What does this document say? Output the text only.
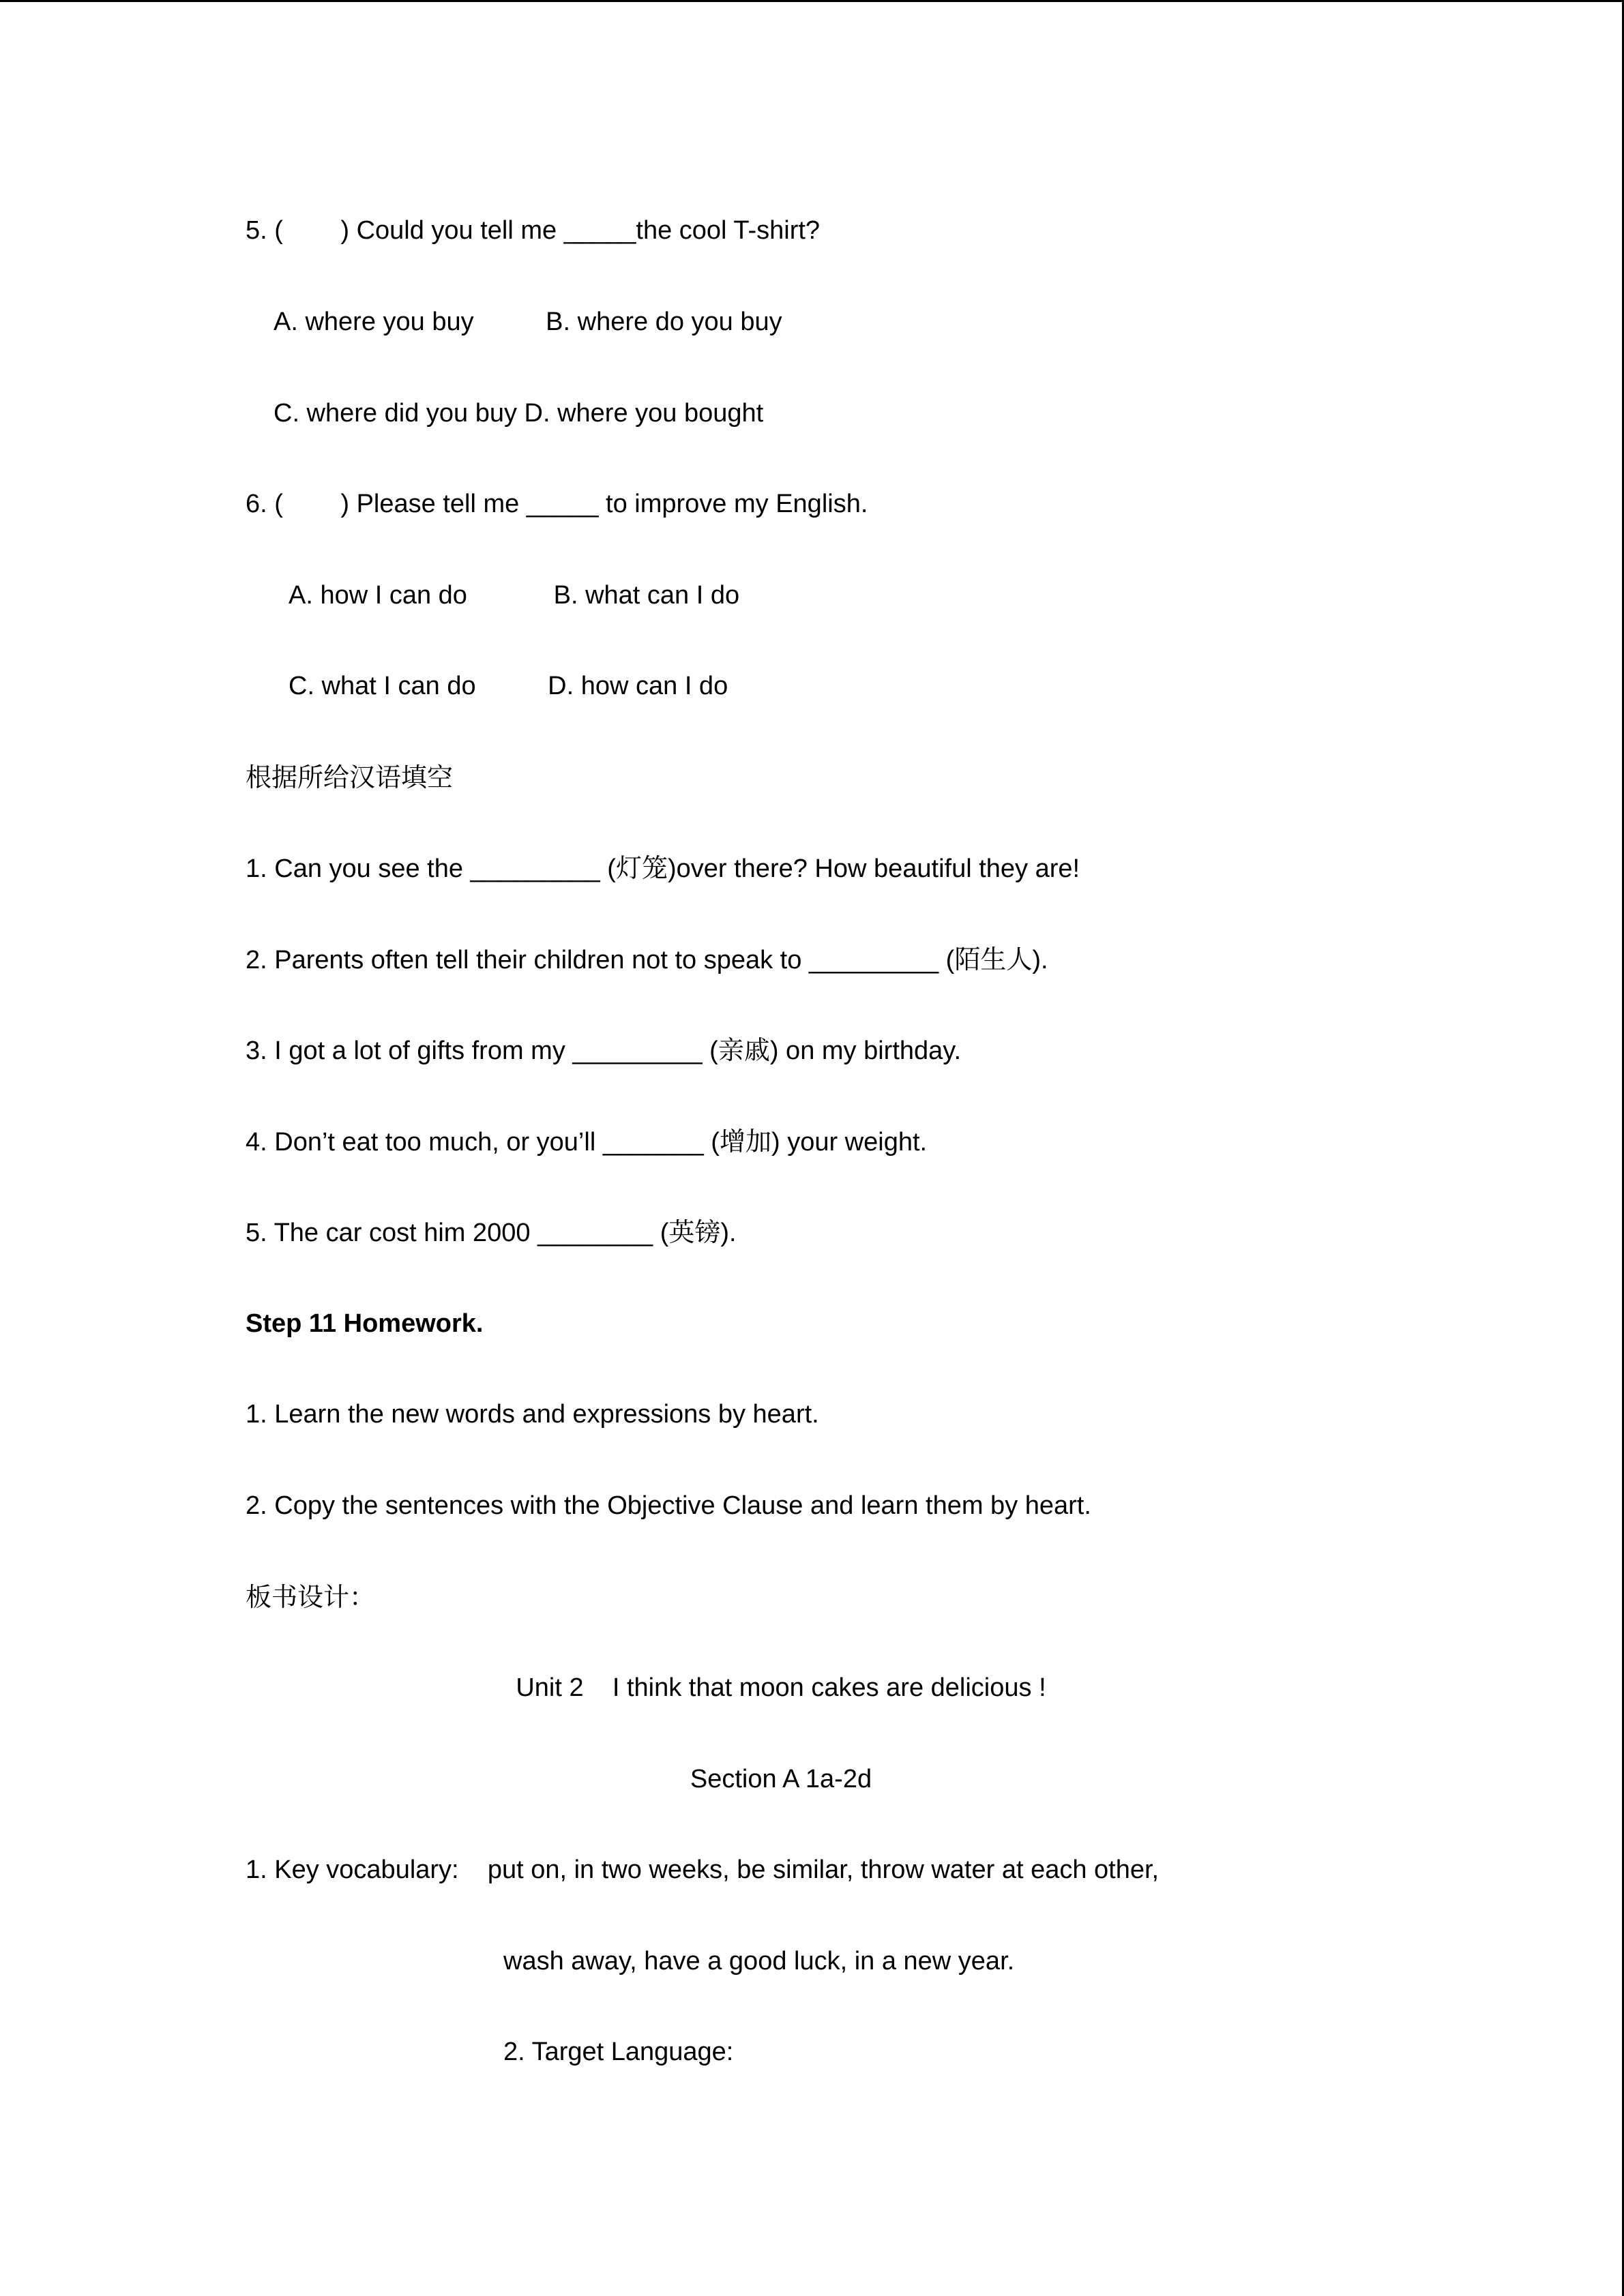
5. (        ) Could you tell me _____the cool T-shirt?
A. where you buy          B. where do you buy
C. where did you buy D. where you bought
6. (        ) Please tell me _____ to improve my English.
A. how I can do            B. what can I do
C. what I can do          D. how can I do
根据所给汉语填空
1. Can you see the _________ (灯笼)over there? How beautiful they are!
2. Parents often tell their children not to speak to _________ (陌生人).
3. I got a lot of gifts from my _________ (亲戚) on my birthday.
4. Don’t eat too much, or you’ll _______ (增加) your weight.
5. The car cost him 2000 ________ (英镑).
Step 11 Homework.
1. Learn the new words and expressions by heart.
2. Copy the sentences with the Objective Clause and learn them by heart.
板书设计：
Unit 2    I think that moon cakes are delicious !
Section A 1a-2d
1. Key vocabulary:    put on, in two weeks, be similar, throw water at each other,
wash away, have a good luck, in a new year.
2. Target Language:
